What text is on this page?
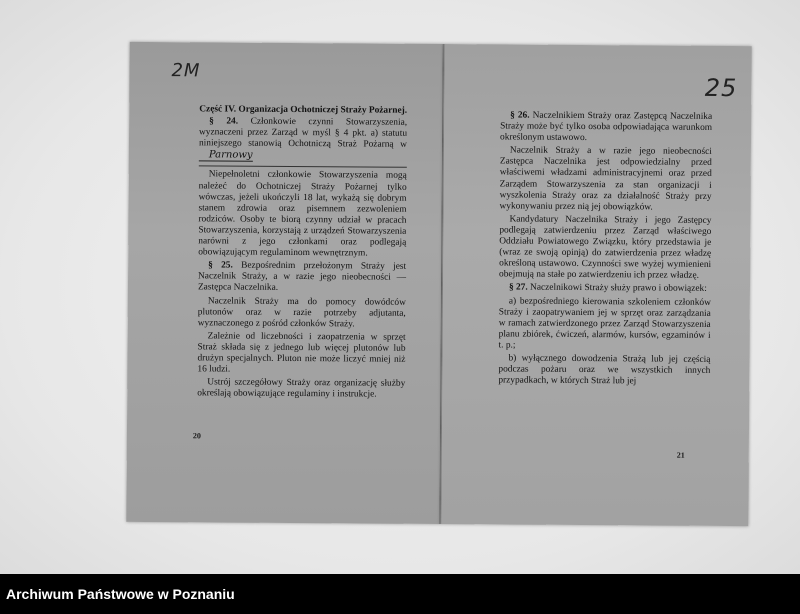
2M
Część IV. Organizacja Ochotniczej Straży Pożarnej.
§ 24. Członkowie czynni Stowarzyszenia, wyznaczeni przez Zarząd w myśl § 4 pkt. a) statutu niniejszego stanowią Ochotniczą Straż Pożarną w Parnowy
Niepełnoletni członkowie Stowarzyszenia mogą należeć do Ochotniczej Straży Pożarnej tylko wówczas, jeżeli ukończyli 18 lat, wykażą się dobrym stanem zdrowia oraz pisemnem zezwoleniem rodziców. Osoby te biorą czynny udział w pracach Stowarzyszenia, korzystają z urządzeń Stowarzyszenia narówni z jego członkami oraz podlegają obowiązującym regulaminom wewnętrznym.
§ 25. Bezpośrednim przełożonym Straży jest Naczelnik Straży, a w razie jego nieobecności — Zastępca Naczelnika.
Naczelnik Straży ma do pomocy dowódców plutonów oraz w razie potrzeby adjutanta, wyznaczonego z pośród członków Straży.
Zależnie od liczebności i zaopatrzenia w sprzęt Straż składa się z jednego lub więcej plutonów lub drużyn specjalnych. Pluton nie może liczyć mniej niż 16 ludzi.
Ustrój szczegółowy Straży oraz organizację służby określają obowiązujące regulaminy i instrukcje.
20
25
§ 26. Naczelnikiem Straży oraz Zastępcą Naczelnika Straży może być tylko osoba odpowiadająca warunkom określonym ustawowo.
Naczelnik Straży a w razie jego nieobecności Zastępca Naczelnika jest odpowiedzialny przed właściwemi władzami administracyjnemi oraz przed Zarządem Stowarzyszenia za stan organizacji i wyszkolenia Straży oraz za działalność Straży przy wykonywaniu przez nią jej obowiązków.
Kandydatury Naczelnika Straży i jego Zastępcy podlegają zatwierdzeniu przez Zarząd właściwego Oddziału Powiatowego Związku, który przedstawia je (wraz ze swoją opinją) do zatwierdzenia przez władzę określoną ustawowo. Czynności swe wyżej wymienieni obejmują na stałe po zatwierdzeniu ich przez władzę.
§ 27. Naczelnikowi Straży służy prawo i obowiązek:
a) bezpośredniego kierowania szkoleniem członków Straży i zaopatrywaniem jej w sprzęt oraz zarządzania w ramach zatwierdzonego przez Zarząd Stowarzyszenia planu zbiórek, ćwiczeń, alarmów, kursów, egzaminów i t. p.;
b) wyłącznego dowodzenia Strażą lub jej częścią podczas pożaru oraz we wszystkich innych przypadkach, w których Straż lub jej
21
Archiwum Państwowe w Poznaniu
